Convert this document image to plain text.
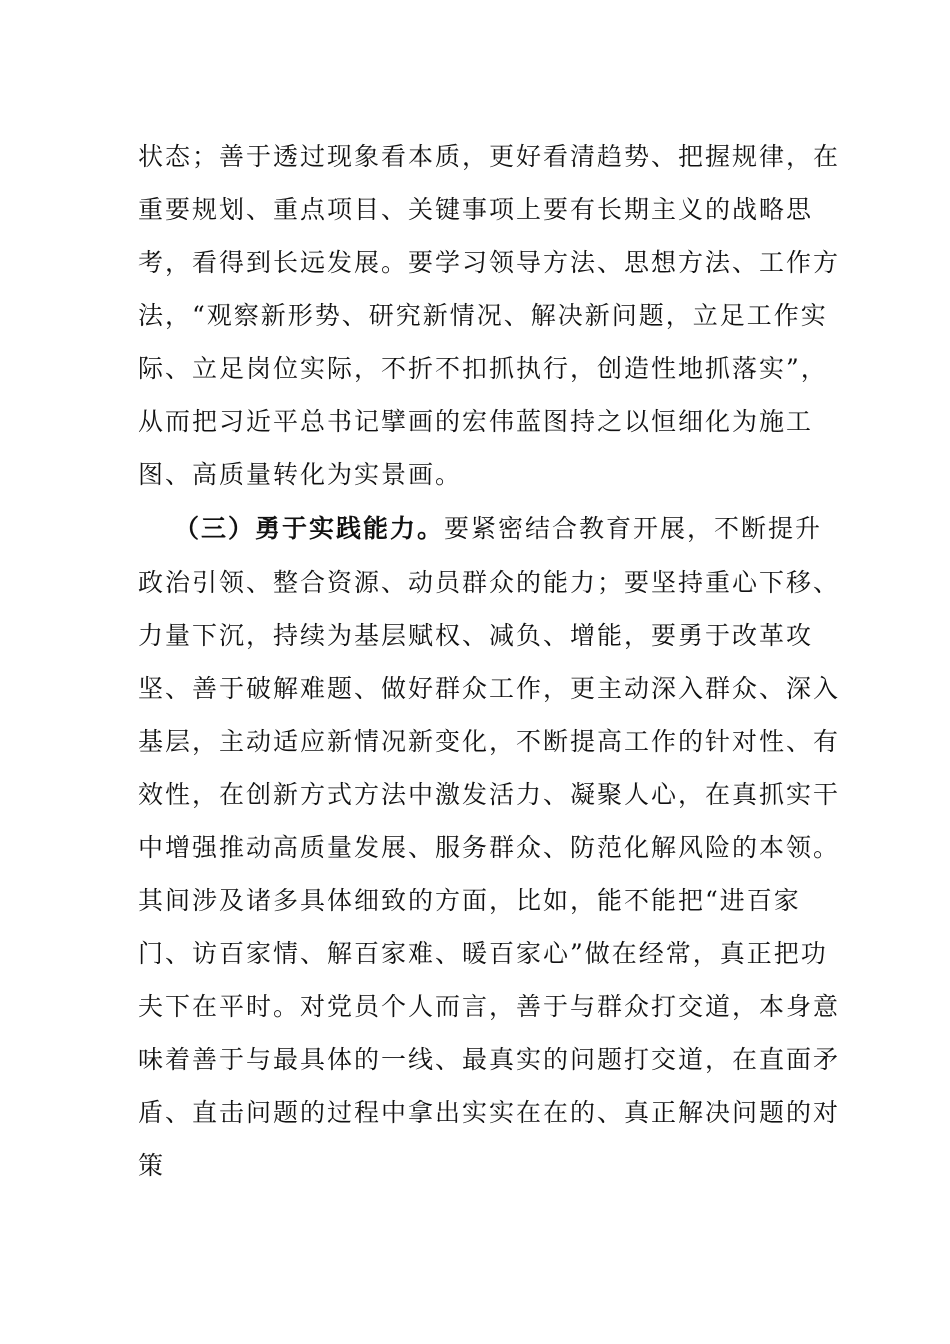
状态；善于透过现象看本质，更好看清趋势、把握规律，在
重要规划、重点项目、关键事项上要有长期主义的战略思
考，看得到长远发展。要学习领导方法、思想方法、工作方
法，“观察新形势、研究新情况、解决新问题，立足工作实
际、立足岗位实际，不折不扣抓执行，创造性地抓落实”，
从而把习近平总书记擘画的宏伟蓝图持之以恒细化为施工
图、高质量转化为实景画。
（三）勇于实践能力。要紧密结合教育开展，不断提升
政治引领、整合资源、动员群众的能力；要坚持重心下移、
力量下沉，持续为基层赋权、减负、增能，要勇于改革攻
坚、善于破解难题、做好群众工作，更主动深入群众、深入
基层，主动适应新情况新变化，不断提高工作的针对性、有
效性，在创新方式方法中激发活力、凝聚人心，在真抓实干
中增强推动高质量发展、服务群众、防范化解风险的本领。
其间涉及诸多具体细致的方面，比如，能不能把“进百家
门、访百家情、解百家难、暖百家心”做在经常，真正把功
夫下在平时。对党员个人而言，善于与群众打交道，本身意
味着善于与最具体的一线、最真实的问题打交道，在直面矛
盾、直击问题的过程中拿出实实在在的、真正解决问题的对
策
